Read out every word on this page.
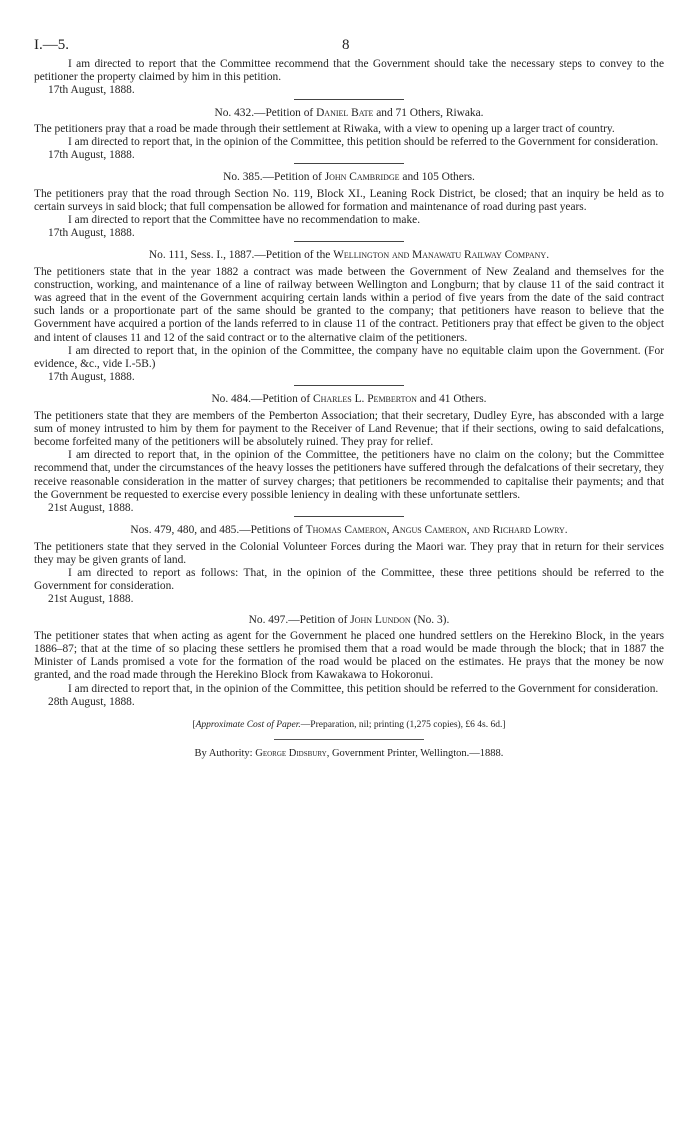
I.—5.	8

I am directed to report that the Committee recommend that the Government should take the necessary steps to convey to the petitioner the property claimed by him in this petition.

17th August, 1888.

No. 432.—Petition of Daniel Bate and 71 Others, Riwaka.

The petitioners pray that a road be made through their settlement at Riwaka, with a view to opening up a larger tract of country.

I am directed to report that, in the opinion of the Committee, this petition should be referred to the Government for consideration.

17th August, 1888.

No. 385.—Petition of John Cambridge and 105 Others.

The petitioners pray that the road through Section No. 119, Block XI., Leaning Rock District, be closed; that an inquiry be held as to certain surveys in said block; that full compensation be allowed for formation and maintenance of road during past years.

I am directed to report that the Committee have no recommendation to make.

17th August, 1888.

No. 111, Sess. I., 1887.—Petition of the Wellington and Manawatu Railway Company.

The petitioners state that in the year 1882 a contract was made between the Government of New Zealand and themselves for the construction, working, and maintenance of a line of railway between Wellington and Longburn; that by clause 11 of the said contract it was agreed that in the event of the Government acquiring certain lands within a period of five years from the date of the said contract such lands or a proportionate part of the same should be granted to the company; that petitioners have reason to believe that the Government have acquired a portion of the lands referred to in clause 11 of the contract. Petitioners pray that effect be given to the object and intent of clauses 11 and 12 of the said contract or to the alternative claim of the petitioners.

I am directed to report that, in the opinion of the Committee, the company have no equitable claim upon the Government. (For evidence, &c., vide I.-5B.)

17th August, 1888.

No. 484.—Petition of Charles L. Pemberton and 41 Others.

The petitioners state that they are members of the Pemberton Association; that their secretary, Dudley Eyre, has absconded with a large sum of money intrusted to him by them for payment to the Receiver of Land Revenue; that if their sections, owing to said defalcations, become forfeited many of the petitioners will be absolutely ruined. They pray for relief.

I am directed to report that, in the opinion of the Committee, the petitioners have no claim on the colony; but the Committee recommend that, under the circumstances of the heavy losses the petitioners have suffered through the defalcations of their secretary, they receive reasonable consideration in the matter of survey charges; that petitioners be recommended to capitalise their payments; and that the Government be requested to exercise every possible leniency in dealing with these unfortunate settlers.

21st August, 1888.

Nos. 479, 480, and 485.—Petitions of Thomas Cameron, Angus Cameron, and Richard Lowry.

The petitioners state that they served in the Colonial Volunteer Forces during the Maori war. They pray that in return for their services they may be given grants of land.

I am directed to report as follows: That, in the opinion of the Committee, these three petitions should be referred to the Government for consideration.

21st August, 1888.

No. 497.—Petition of John Lundon (No. 3).

The petitioner states that when acting as agent for the Government he placed one hundred settlers on the Herekino Block, in the years 1886–87; that at the time of so placing these settlers he promised them that a road would be made through the block; that in 1887 the Minister of Lands promised a vote for the formation of the road would be placed on the estimates. He prays that the money be now granted, and the road made through the Herekino Block from Kawakawa to Hokoronui.

I am directed to report that, in the opinion of the Committee, this petition should be referred to the Government for consideration.

28th August, 1888.

[Approximate Cost of Paper.—Preparation, nil; printing (1,275 copies), £6 4s. 6d.]

By Authority: George Didsbury, Government Printer, Wellington.—1888.
